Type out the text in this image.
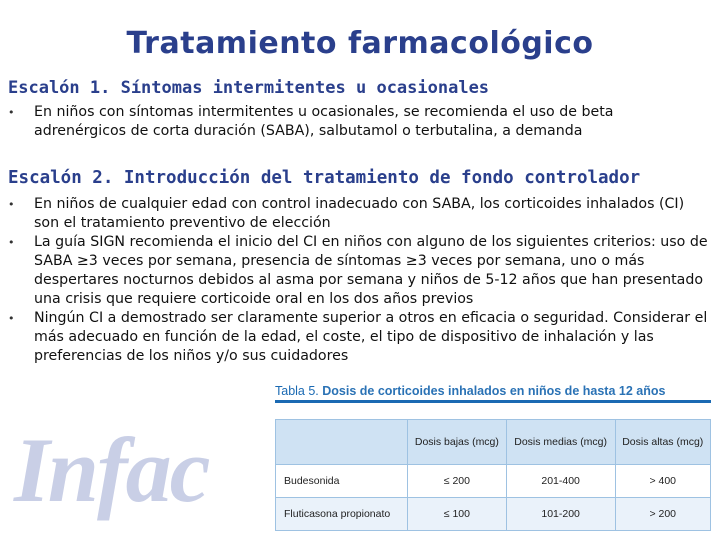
Infac
Tratamiento farmacológico
Escalón 1. Síntomas intermitentes u ocasionales
• En niños con síntomas intermitentes u ocasionales, se recomienda el uso de beta adrenérgicos de corta duración (SABA), salbutamol o terbutalina, a demanda
Escalón 2. Introducción del tratamiento de fondo controlador
• En niños de cualquier edad con control inadecuado con SABA, los corticoides inhalados (CI) son el tratamiento preventivo de elección
• La guía SIGN recomienda el inicio del CI en niños con alguno de los siguientes criterios: uso de SABA ≥3 veces por semana, presencia de síntomas ≥3 veces por semana, uno o más despertares nocturnos debidos al asma por semana y niños de 5-12 años que han presentado una crisis que requiere corticoide oral en los dos años previos
• Ningún CI a demostrado ser claramente superior a otros en eficacia o seguridad. Considerar el más adecuado en función de la edad, el coste, el tipo de dispositivo de inhalación y las preferencias de los niños y/o sus cuidadores
Tabla 5. Dosis de corticoides inhalados en niños de hasta 12 años
	Dosis bajas (mcg)	Dosis medias (mcg)	Dosis altas (mcg)
Budesonida	≤ 200	201-400	> 400
Fluticasona propionato	≤ 100	101-200	> 200
